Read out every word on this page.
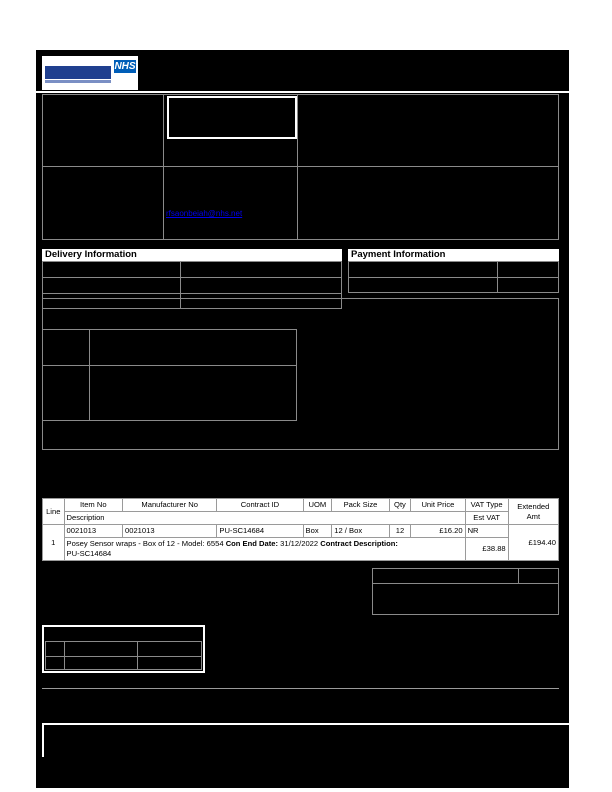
NHS
rfsaonbeiah@nhs.net
Delivery Information	Payment Information
Line	Item No	Manufacturer No	Contract ID	UOM	Pack Size	Qty	Unit Price	VAT Type	Extended Amt
	Description							Est VAT	
1	0021013	0021013	PU-SC14684	Box	12 / Box	12	£16.20	NR	£194.40
	Posey Sensor wraps - Box of 12 - Model: 6554 Con End Date: 31/12/2022 Contract Description:
PU-SC14684							£38.88	
